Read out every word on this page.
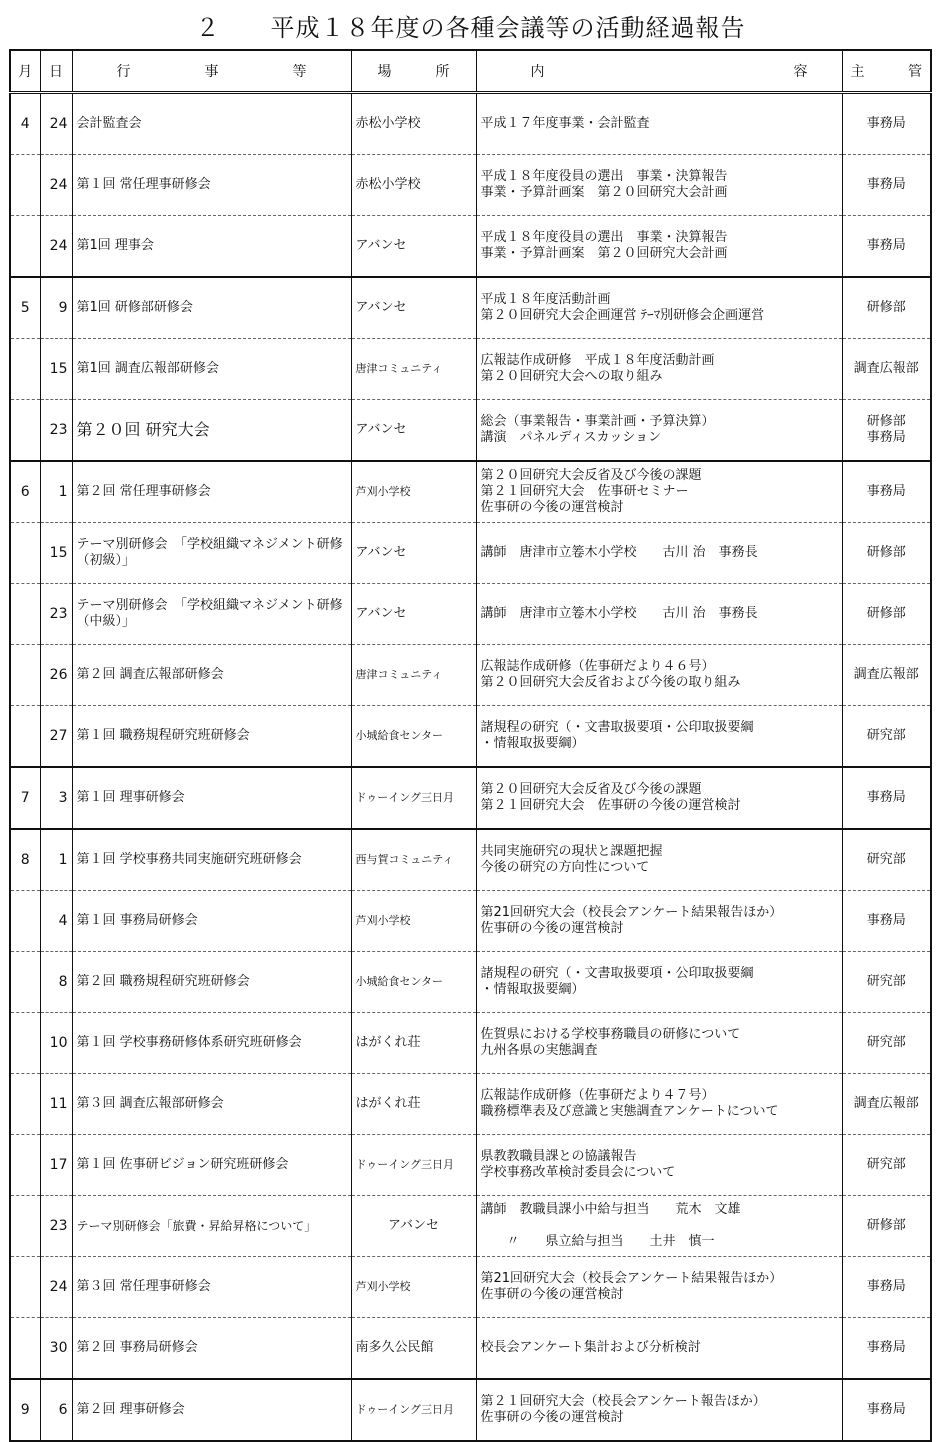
２　　平成１８年度の各種会議等の活動経過報告
月	日	行 事 等	場 所	内 容	主 管

4	24	会計監査会	赤松小学校	平成１７年度事業・会計監査	事務局

	24	第１回 常任理事研修会	赤松小学校	平成１８年度役員の選出　事業・決算報告
事業・予算計画案　第２０回研究大会計画	事務局

	24	第1回 理事会	アバンセ	平成１８年度役員の選出　事業・決算報告
事業・予算計画案　第２０回研究大会計画	事務局

5	9	第1回 研修部研修会	アバンセ	平成１８年度活動計画
第２０回研究大会企画運営 ﾃｰﾏ別研修会企画運営	研修部

	15	第1回 調査広報部研修会	唐津コミュニティ	広報誌作成研修　平成１８年度活動計画
第２０回研究大会への取り組み	調査広報部

	23	第２０回 研究大会	アバンセ	総会（事業報告・事業計画・予算決算）
講演　パネルディスカッション	研修部
事務局

6	1	第２回 常任理事研修会	芦刈小学校	第２０回研究大会反省及び今後の課題
第２１回研究大会　佐事研セミナー
佐事研の今後の運営検討	事務局

	15	テーマ別研修会　「学校組織マネジメント研修（初級）」	アバンセ	講師　唐津市立箞木小学校　　古川 治　事務長	研修部

	23	テーマ別研修会　「学校組織マネジメント研修（中級）」	アバンセ	講師　唐津市立箞木小学校　　古川 治　事務長	研修部

	26	第２回 調査広報部研修会	唐津コミュニティ	広報誌作成研修（佐事研だより４６号）
第２０回研究大会反省および今後の取り組み	調査広報部

	27	第１回 職務規程研究班研修会	小城給食センター	諸規程の研究（・文書取扱要項・公印取扱要綱
・情報取扱要綱）	研究部

7	3	第１回 理事研修会	ドゥーイング三日月	第２０回研究大会反省及び今後の課題
第２１回研究大会　佐事研の今後の運営検討	事務局

8	1	第１回 学校事務共同実施研究班研修会	西与賀コミュニティ	共同実施研究の現状と課題把握
今後の研究の方向性について	研究部

	4	第１回 事務局研修会	芦刈小学校	第21回研究大会（校長会アンケート結果報告ほか）
佐事研の今後の運営検討	事務局

	8	第２回 職務規程研究班研修会	小城給食センター	諸規程の研究（・文書取扱要項・公印取扱要綱
・情報取扱要綱）	研究部

	10	第１回 学校事務研修体系研究班研修会	はがくれ荘	佐賀県における学校事務職員の研修について
九州各県の実態調査	研究部

	11	第３回 調査広報部研修会	はがくれ荘	広報誌作成研修（佐事研だより４７号）
職務標準表及び意識と実態調査アンケートについて	調査広報部

	17	第１回 佐事研ビジョン研究班研修会	ドゥーイング三日月	県教教職員課との協議報告
学校事務改革検討委員会について	研究部

	23	テーマ別研修会「旅費・昇給昇格について」	アバンセ	講師　教職員課小中給与担当　　荒木　文雄

　　〃　　県立給与担当　　土井　慎一	研修部

	24	第３回 常任理事研修会	芦刈小学校	第21回研究大会（校長会アンケート結果報告ほか）
佐事研の今後の運営検討	事務局

	30	第２回 事務局研修会	南多久公民館	校長会アンケート集計および分析検討	事務局

9	6	第２回 理事研修会	ドゥーイング三日月	第２１回研究大会（校長会アンケート報告ほか）
佐事研の今後の運営検討	事務局
